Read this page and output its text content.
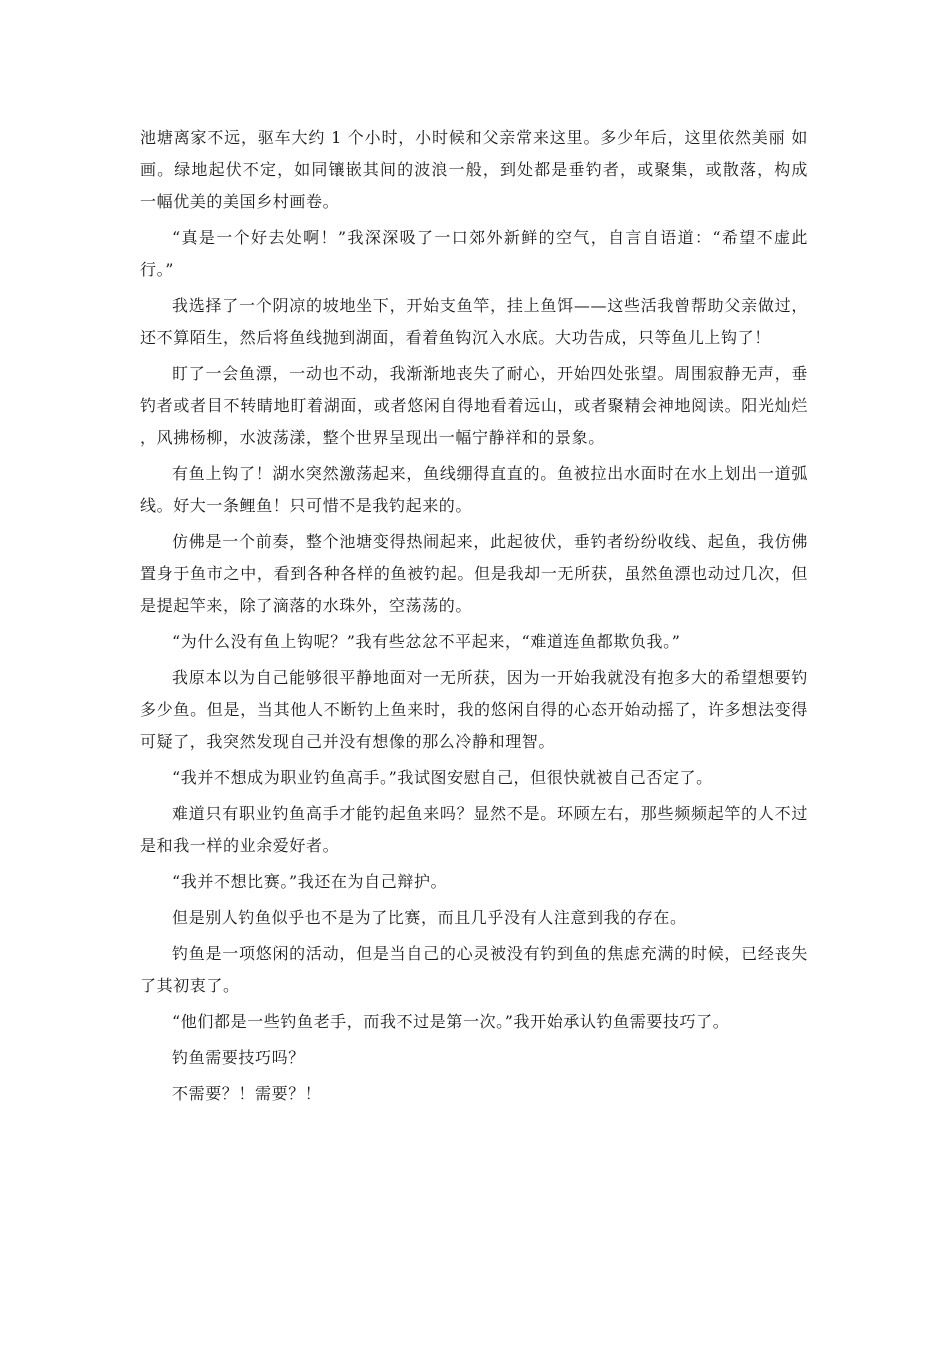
池塘离家不远，驱车大约 1 个小时，小时候和父亲常来这里。多少年后，这里依然美丽 如画。绿地起伏不定，如同镶嵌其间的波浪一般，到处都是垂钓者，或聚集，或散落，构成 一幅优美的美国乡村画卷。

“真是一个好去处啊！”我深深吸了一口郊外新鲜的空气，自言自语道：“希望不虚此行。”

我选择了一个阴凉的坡地坐下，开始支鱼竿，挂上鱼饵——这些活我曾帮助父亲做过，还不算陌生，然后将鱼线抛到湖面，看着鱼钩沉入水底。大功告成，只等鱼儿上钩了！

盯了一会鱼漂，一动也不动，我渐渐地丧失了耐心，开始四处张望。周围寂静无声，垂钓者或者目不转睛地盯着湖面，或者悠闲自得地看着远山，或者聚精会神地阅读。阳光灿烂 ，风拂杨柳，水波荡漾，整个世界呈现出一幅宁静祥和的景象。

有鱼上钩了！湖水突然激荡起来，鱼线绷得直直的。鱼被拉出水面时在水上划出一道弧线。好大一条鲤鱼！只可惜不是我钓起来的。

仿佛是一个前奏，整个池塘变得热闹起来，此起彼伏，垂钓者纷纷收线、起鱼，我仿佛置身于鱼市之中，看到各种各样的鱼被钓起。但是我却一无所获，虽然鱼漂也动过几次，但是提起竿来，除了滴落的水珠外，空荡荡的。

“为什么没有鱼上钩呢？”我有些忿忿不平起来，“难道连鱼都欺负我。”

我原本以为自己能够很平静地面对一无所获，因为一开始我就没有抱多大的希望想要钓多少鱼。但是，当其他人不断钓上鱼来时，我的悠闲自得的心态开始动摇了，许多想法变得可疑了，我突然发现自己并没有想像的那么冷静和理智。

“我并不想成为职业钓鱼高手。”我试图安慰自己，但很快就被自己否定了。

难道只有职业钓鱼高手才能钓起鱼来吗？显然不是。环顾左右，那些频频起竿的人不过是和我一样的业余爱好者。

“我并不想比赛。”我还在为自己辩护。

但是别人钓鱼似乎也不是为了比赛，而且几乎没有人注意到我的存在。

钓鱼是一项悠闲的活动，但是当自己的心灵被没有钓到鱼的焦虑充满的时候，已经丧失了其初衷了。

“他们都是一些钓鱼老手，而我不过是第一次。”我开始承认钓鱼需要技巧了。

钓鱼需要技巧吗？

不需要？！需要？！
